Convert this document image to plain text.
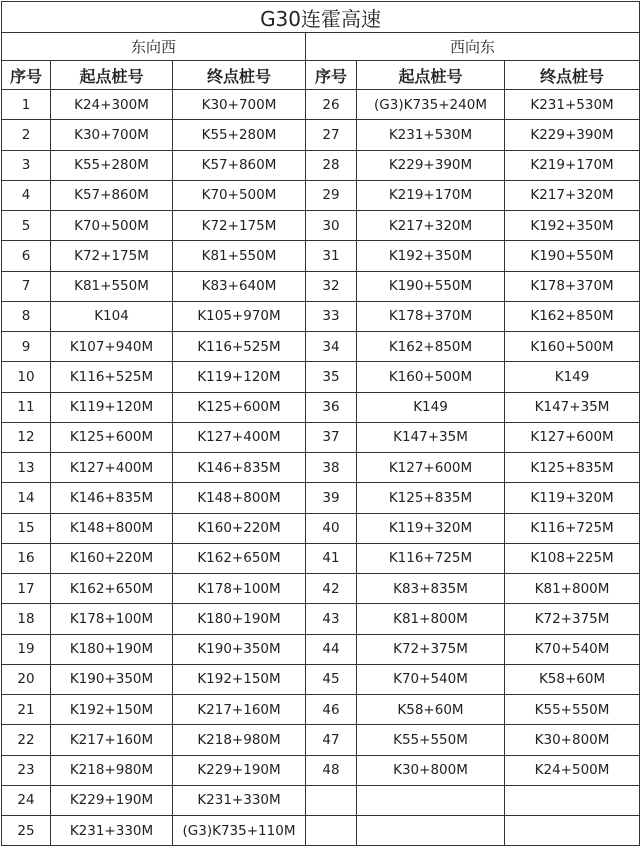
G30连霍高速					
东向西			西向东		
序号	起点桩号	终点桩号	序号	起点桩号	终点桩号
1	K24+300M	K30+700M	26	(G3)K735+240M	K231+530M
2	K30+700M	K55+280M	27	K231+530M	K229+390M
3	K55+280M	K57+860M	28	K229+390M	K219+170M
4	K57+860M	K70+500M	29	K219+170M	K217+320M
5	K70+500M	K72+175M	30	K217+320M	K192+350M
6	K72+175M	K81+550M	31	K192+350M	K190+550M
7	K81+550M	K83+640M	32	K190+550M	K178+370M
8	K104	K105+970M	33	K178+370M	K162+850M
9	K107+940M	K116+525M	34	K162+850M	K160+500M
10	K116+525M	K119+120M	35	K160+500M	K149
11	K119+120M	K125+600M	36	K149	K147+35M
12	K125+600M	K127+400M	37	K147+35M	K127+600M
13	K127+400M	K146+835M	38	K127+600M	K125+835M
14	K146+835M	K148+800M	39	K125+835M	K119+320M
15	K148+800M	K160+220M	40	K119+320M	K116+725M
16	K160+220M	K162+650M	41	K116+725M	K108+225M
17	K162+650M	K178+100M	42	K83+835M	K81+800M
18	K178+100M	K180+190M	43	K81+800M	K72+375M
19	K180+190M	K190+350M	44	K72+375M	K70+540M
20	K190+350M	K192+150M	45	K70+540M	K58+60M
21	K192+150M	K217+160M	46	K58+60M	K55+550M
22	K217+160M	K218+980M	47	K55+550M	K30+800M
23	K218+980M	K229+190M	48	K30+800M	K24+500M
24	K229+190M	K231+330M			
25	K231+330M	(G3)K735+110M			
